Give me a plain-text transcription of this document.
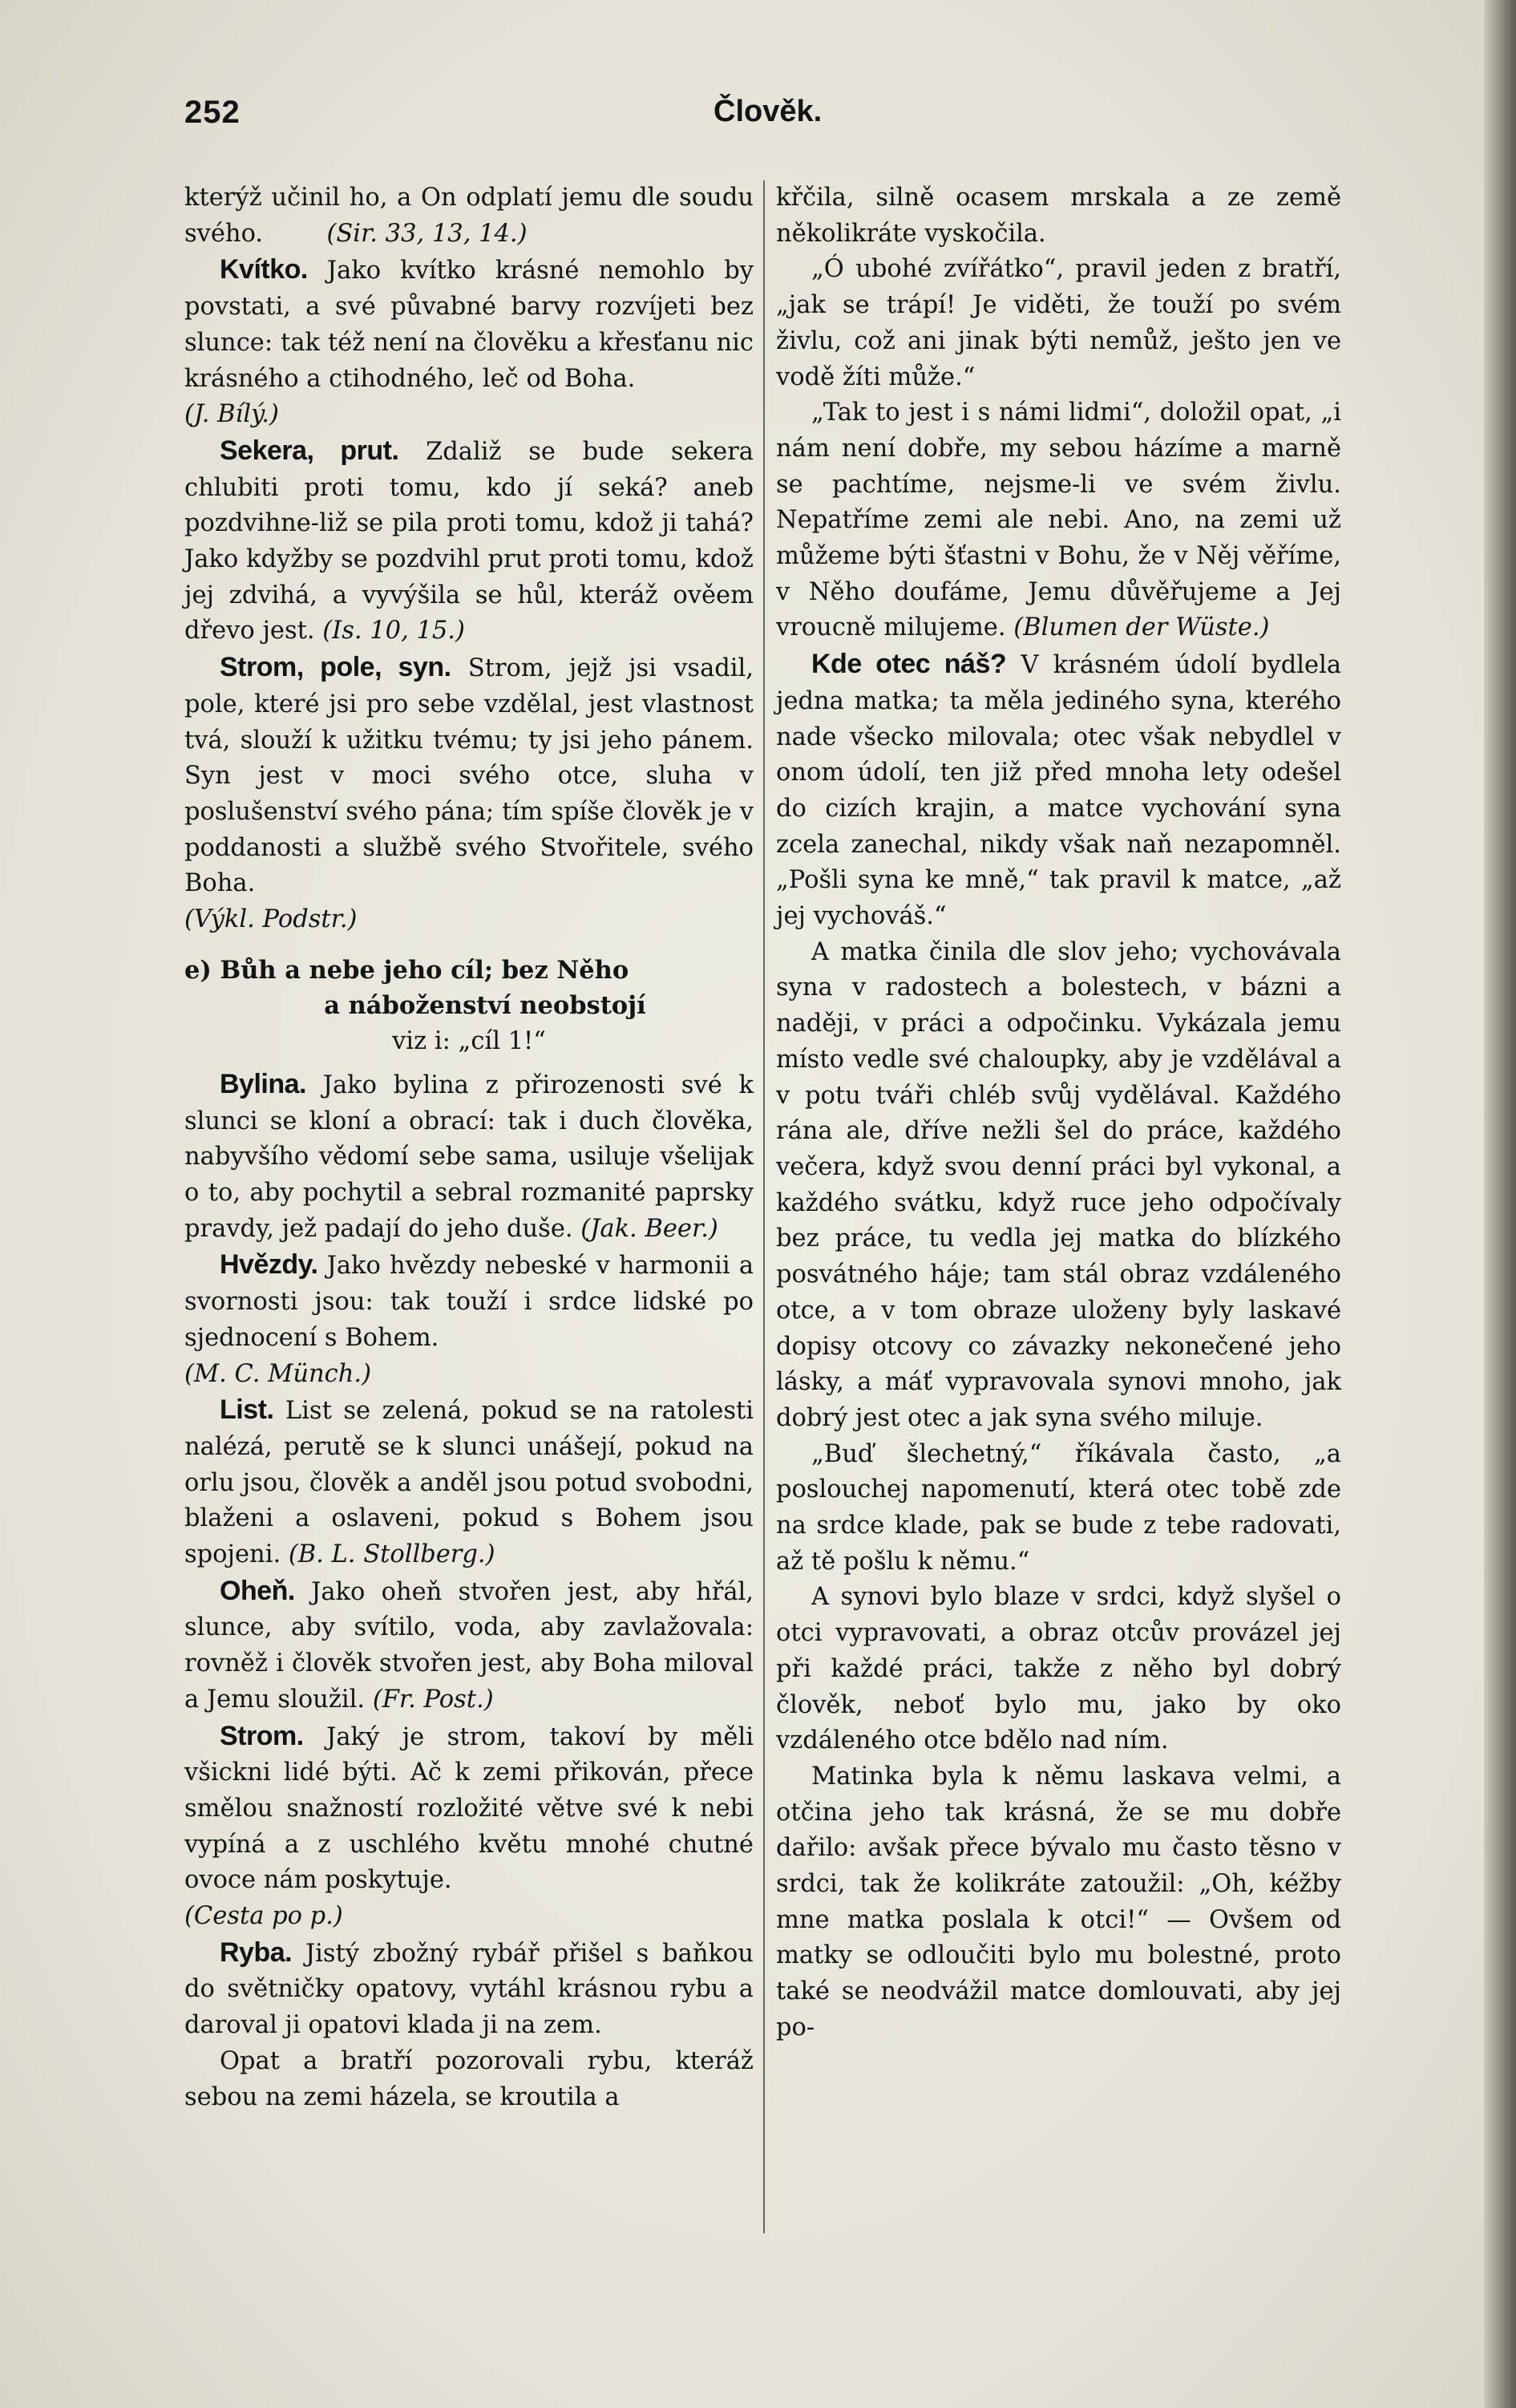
252	Člověk.

kterýž učinil ho, a On odplatí jemu dle soudu svého.	(Sir. 33, 13, 14.)

Kvítko. Jako kvítko krásné nemohlo by povstati, a své půvabné barvy rozvíjeti bez slunce: tak též není na člověku a křesťanu nic krásného a ctihodného, leč od Boha.

(J. Bílý.)

Sekera, prut. Zdaliž se bude sekera chlubiti proti tomu, kdo jí seká? aneb pozdvihne-liž se pila proti tomu, kdož ji tahá? Jako kdyžby se pozdvihl prut proti tomu, kdož jej zdvihá, a vyvýšila se hůl, kteráž ověem dřevo jest. (Is. 10, 15.)

Strom, pole, syn. Strom, jejž jsi vsadil, pole, které jsi pro sebe vzdělal, jest vlastnost tvá, slouží k užitku tvému; ty jsi jeho pánem. Syn jest v moci svého otce, sluha v poslušenství svého pána; tím spíše člověk je v poddanosti a službě svého Stvořitele, svého Boha.

(Výkl. Podstr.)

e) Bůh a nebe jeho cíl; bez Něho
a náboženství neobstojí

viz i: „cíl 1!“

Bylina. Jako bylina z přirozenosti své k slunci se kloní a obrací: tak i duch člověka, nabyvšího vědomí sebe sama, usiluje všelijak o to, aby pochytil a sebral rozmanité paprsky pravdy, jež padají do jeho duše. (Jak. Beer.)

Hvězdy. Jako hvězdy nebeské v harmonii a svornosti jsou: tak touží i srdce lidské po sjednocení s Bohem.

(M. C. Münch.)

List. List se zelená, pokud se na ratolesti nalézá, perutě se k slunci unášejí, pokud na orlu jsou, člověk a anděl jsou potud svobodni, blaženi a oslaveni, pokud s Bohem jsou spojeni. (B. L. Stollberg.)

Oheň. Jako oheň stvořen jest, aby hřál, slunce, aby svítilo, voda, aby zavlažovala: rovněž i člověk stvořen jest, aby Boha miloval a Jemu sloužil. (Fr. Post.)

Strom. Jaký je strom, takoví by měli všickni lidé býti. Ač k zemi přikován, přece smělou snažností rozložité větve své k nebi vypíná a z uschlého květu mnohé chutné ovoce nám poskytuje.

(Cesta po p.)

Ryba. Jistý zbožný rybář přišel s baňkou do světničky opatovy, vytáhl krásnou rybu a daroval ji opatovi klada ji na zem.

Opat a bratří pozorovali rybu, kteráž sebou na zemi házela, se kroutila a

křčila, silně ocasem mrskala a ze země několikráte vyskočila.

„Ó ubohé zvířátko“, pravil jeden z bratří, „jak se trápí! Je viděti, že touží po svém živlu, což ani jinak býti nemůž, ješto jen ve vodě žíti může.“

„Tak to jest i s námi lidmi“, doložil opat, „i nám není dobře, my sebou házíme a marně se pachtíme, nejsme-li ve svém živlu. Nepatříme zemi ale nebi. Ano, na zemi už můžeme býti šťastni v Bohu, že v Něj věříme, v Něho doufáme, Jemu důvěřujeme a Jej vroucně milujeme. (Blumen der Wüste.)

Kde otec náš? V krásném údolí bydlela jedna matka; ta měla jediného syna, kterého nade všecko milovala; otec však nebydlel v onom údolí, ten již před mnoha lety odešel do cizích krajin, a matce vychování syna zcela zanechal, nikdy však naň nezapomněl. „Pošli syna ke mně,“ tak pravil k matce, „až jej vychováš.“

A matka činila dle slov jeho; vychovávala syna v radostech a bolestech, v bázni a naději, v práci a odpočinku. Vykázala jemu místo vedle své chaloupky, aby je vzdělával a v potu tváři chléb svůj vydělával. Každého rána ale, dříve nežli šel do práce, každého večera, když svou denní práci byl vykonal, a každého svátku, když ruce jeho odpočívaly bez práce, tu vedla jej matka do blízkého posvátného háje; tam stál obraz vzdáleného otce, a v tom obraze uloženy byly laskavé dopisy otcovy co závazky nekonečené jeho lásky, a máť vypravovala synovi mnoho, jak dobrý jest otec a jak syna svého miluje.

„Buď šlechetný,“ říkávala často, „a poslouchej napomenutí, která otec tobě zde na srdce klade, pak se bude z tebe radovati, až tě pošlu k němu.“

A synovi bylo blaze v srdci, když slyšel o otci vypravovati, a obraz otcův provázel jej při každé práci, takže z něho byl dobrý člověk, neboť bylo mu, jako by oko vzdáleného otce bdělo nad ním.

Matinka byla k němu laskava velmi, a otčina jeho tak krásná, že se mu dobře dařilo: avšak přece bývalo mu často těsno v srdci, tak že kolikráte zatoužil: „Oh, kéžby mne matka poslala k otci!“ — Ovšem od matky se odloučiti bylo mu bolestné, proto také se neodvážil matce domlouvati, aby jej po-
